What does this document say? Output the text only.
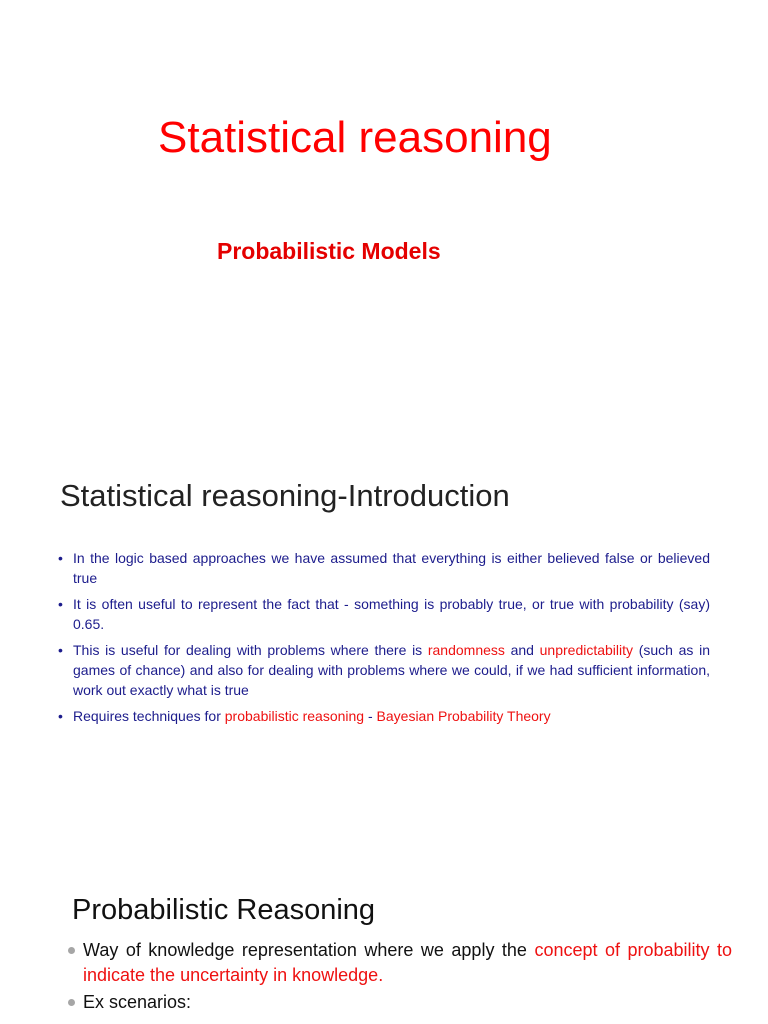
Statistical reasoning
Probabilistic Models
Statistical reasoning-Introduction
• In the logic based approaches we have assumed that everything is either believed false or believed true
• It is often useful to represent the fact that - something is probably true, or true with probability (say) 0.65.
• This is useful for dealing with problems where there is randomness and unpredictability (such as in games of chance) and also for dealing with problems where we could, if we had sufficient information, work out exactly what is true
• Requires techniques for probabilistic reasoning - Bayesian Probability Theory
Probabilistic Reasoning
Way of knowledge representation where we apply the concept of probability to indicate the uncertainty in knowledge.
Ex scenarios:
